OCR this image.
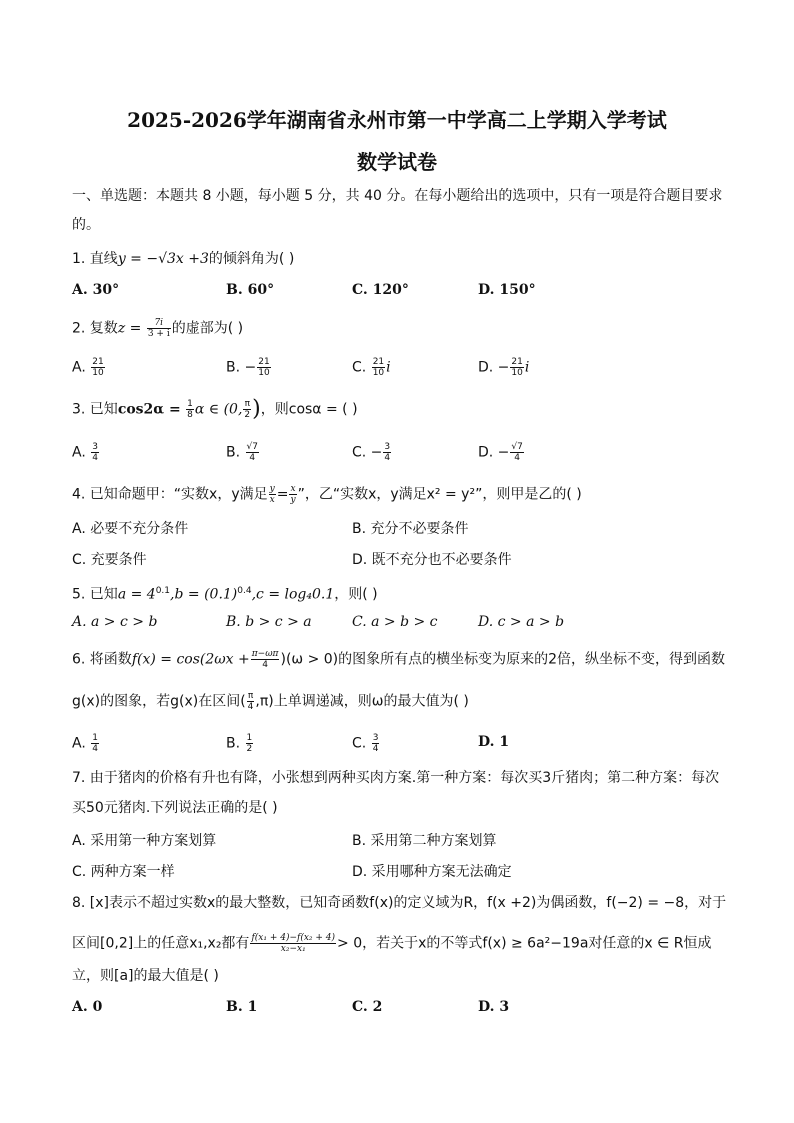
2025-2026学年湖南省永州市第一中学高二上学期入学考试
数学试卷
一、单选题：本题共 8 小题，每小题 5 分，共 40 分。在每小题给出的选项中，只有一项是符合题目要求
的。
1. 直线y = −√3x +3的倾斜角为( )
A. 30°	B. 60°	C. 120°	D. 150°
2. 复数$z = \frac{7i}{3 + i}$ 的虚部为( )
A. $\frac{21}{10}$	B. − $\frac{21}{10}$	C. $\frac{21}{10}$ i	D. − $\frac{21}{10}$ i
3. 已知$\cos 2\alpha = \frac{1}{8}$ α ∈ (0, $\frac{\pi}{2}$ )，则cosα = ( )
A. $\frac{3}{4}$	B. $\frac{√7}{4}$	C. − $\frac{3}{4}$	D. − $\frac{√7}{4}$
4. 已知命题甲：“实数x，y满足 $\frac{y}{x} = \frac{x}{y}$ ”，乙“实数x，y满足x² = y²”，则甲是乙的( )
A. 必要不充分条件	B. 充分不必要条件
C. 充要条件	D. 既不充分也不必要条件
5. 已知$a = 4^{0.1},b = (0.1)^{0.4},c = \log_40.1$，则( )
A. a > c > b	B. b > c > a	C. a > b > c	D. c > a > b
6. 将函数$f(x) = \cos(2\omega x + \frac{\pi-\omega\pi}{4} )(\omega > 0)$的图象所有点的横坐标变为原来的2倍，纵坐标不变，得到函数
g(x)的图象，若g(x)在区间( $\frac{\pi}{4} ,\pi$)上单调递减，则ω的最大值为( )
A. $\frac{1}{4}$	B. $\frac{1}{2}$	C. $\frac{3}{4}$	D. 1
7. 由于猪肉的价格有升也有降，小张想到两种买肉方案.第一种方案：每次买3斤猪肉；第二种方案：每次
买50元猪肉.下列说法正确的是( )
A. 采用第一种方案划算	B. 采用第二种方案划算
C. 两种方案一样	D. 采用哪种方案无法确定
8. [x]表示不超过实数x的最大整数，已知奇函数f(x)的定义域为R，f(x +2)为偶函数，f(−2) = −8，对于
区间[0,2]上的任意x₁,x₂都有 $\frac{\text{f(x₁ + 4)−f(x₂ + 4)}}{\text{x₂−x₁}} > 0$，若关于x的不等式f(x) ≥ 6a²−19a对任意的x ∈ R恒成
立，则[a]的最大值是( )
A. 0	B. 1	C. 2	D. 3
